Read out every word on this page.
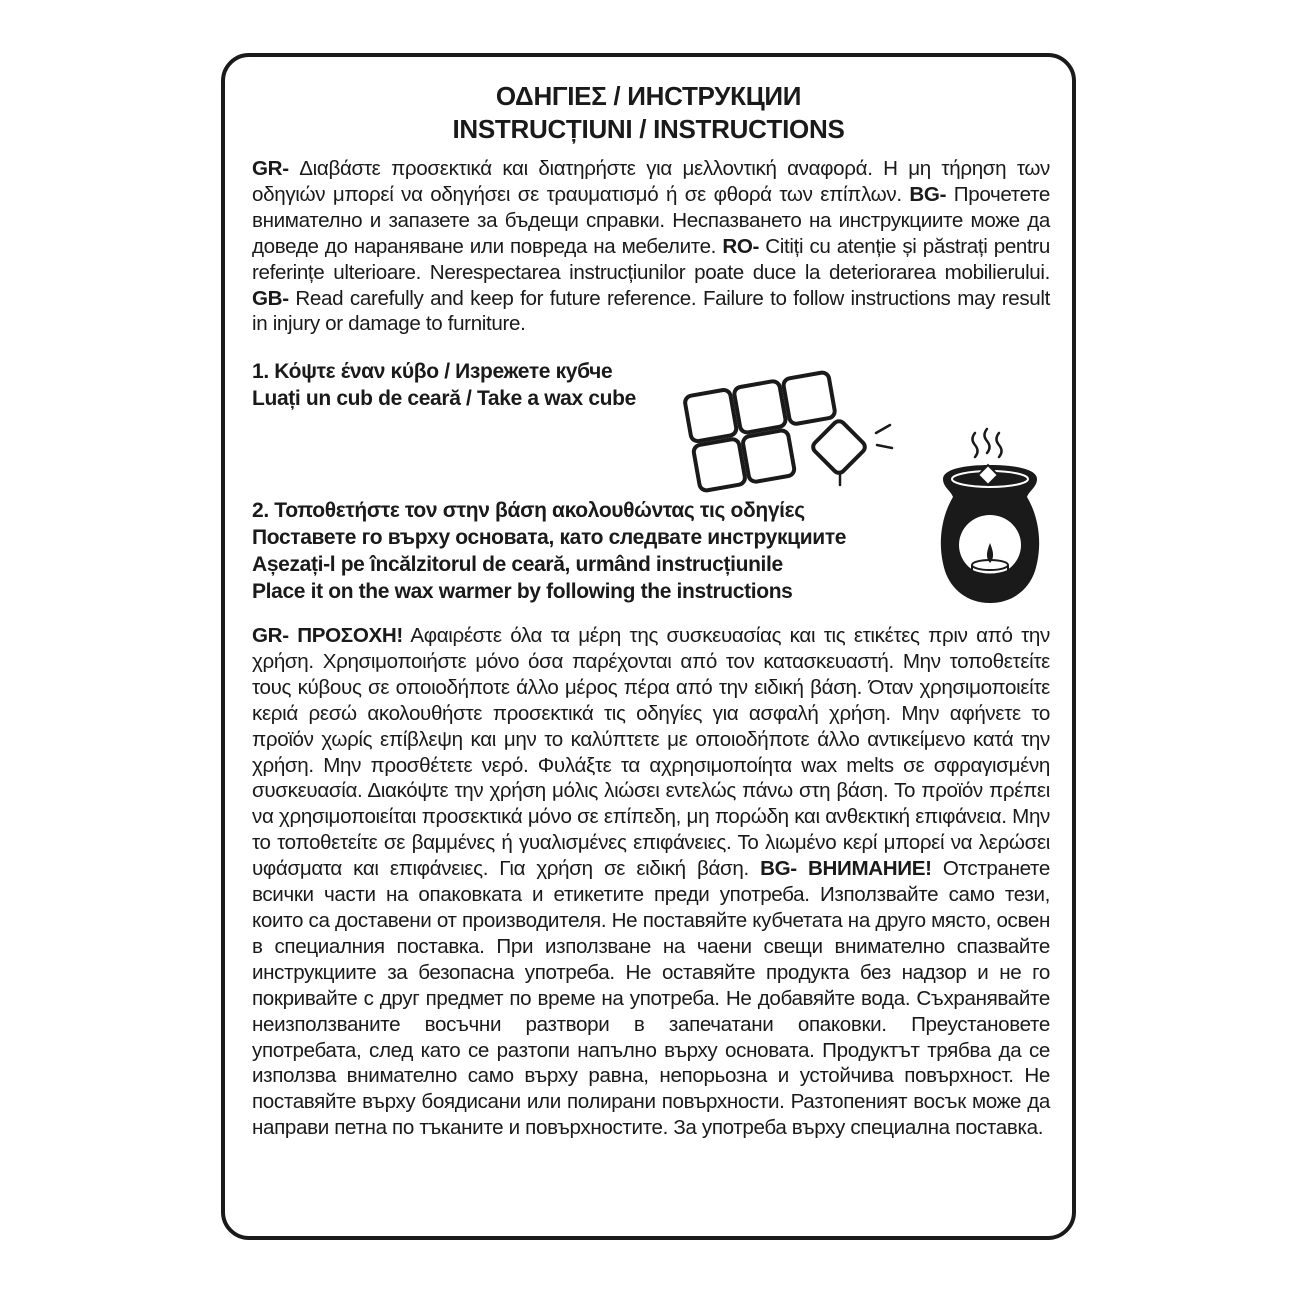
ΟΔΗΓΙΕΣ / ИНСТРУКЦИИ
INSTRUCȚIUNI / INSTRUCTIONS

GR- Διαβάστε προσεκτικά και διατηρήστε για μελλοντική αναφορά. Η μη τήρηση των οδηγιών μπορεί να οδηγήσει σε τραυματισμό ή σε φθορά των επίπλων. BG- Прочетете внимателно и запазете за бъдещи справки. Неспазването на инструкциите може да доведе до нараняване или повреда на мебелите. RO- Citiți cu atenție și păstrați pentru referințe ulterioare. Nerespectarea instrucțiunilor poate duce la deteriorarea mobilierului. GB- Read carefully and keep for future reference. Failure to follow instructions may result in injury or damage to furniture.

1. Κόψτε έναν κύβο / Изрежете кубче
Luați un cub de ceară / Take a wax cube
2. Τοποθετήστε τον στην βάση ακολουθώντας τις οδηγίες
Поставете го върху основата, като следвате инструкциите
Așezați-l pe încălzitorul de ceară, urmând instrucțiunile
Place it on the wax warmer by following the instructions

GR- ΠΡΟΣΟΧΗ! Αφαιρέστε όλα τα μέρη της συσκευασίας και τις ετικέτες πριν από την χρήση. Χρησιμοποιήστε μόνο όσα παρέχονται από τον κατασκευαστή. Μην τοποθετείτε τους κύβους σε οποιοδήποτε άλλο μέρος πέρα από την ειδική βάση. Όταν χρησιμοποιείτε κεριά ρεσώ ακολουθήστε προσεκτικά τις οδηγίες για ασφαλή χρήση. Μην αφήνετε το προϊόν χωρίς επίβλεψη και μην το καλύπτετε με οποιοδήποτε άλλο αντικείμενο κατά την χρήση. Μην προσθέτετε νερό. Φυλάξτε τα αχρησιμοποίητα wax melts σε σφραγισμένη συσκευασία. Διακόψτε την χρήση μόλις λιώσει εντελώς πάνω στη βάση. Το προϊόν πρέπει να χρησιμοποιείται προσεκτικά μόνο σε επίπεδη, μη πορώδη και ανθεκτική επιφάνεια. Μην το τοποθετείτε σε βαμμένες ή γυαλισμένες επιφάνειες. Το λιωμένο κερί μπορεί να λερώσει υφάσματα και επιφάνειες. Για χρήση σε ειδική βάση. BG- ВНИМАНИЕ! Отстранете всички части на опаковката и етикетите преди употреба. Използвайте само тези, които са доставени от производителя. Не поставяйте кубчетата на друго място, освен в специалния поставка. При използване на чаени свещи внимателно спазвайте инструкциите за безопасна употреба. Не оставяйте продукта без надзор и не го покривайте с друг предмет по време на употреба. Не добавяйте вода. Съхранявайте неизползваните восъчни разтвори в запечатани опаковки. Преустановете употребата, след като се разтопи напълно върху основата. Продуктът трябва да се използва внимателно само върху равна, непорьозна и устойчива повърхност. Не поставяйте върху боядисани или полирани повърхности. Разтопеният восък може да направи петна по тъканите и повърхностите. За употреба върху специална поставка.
